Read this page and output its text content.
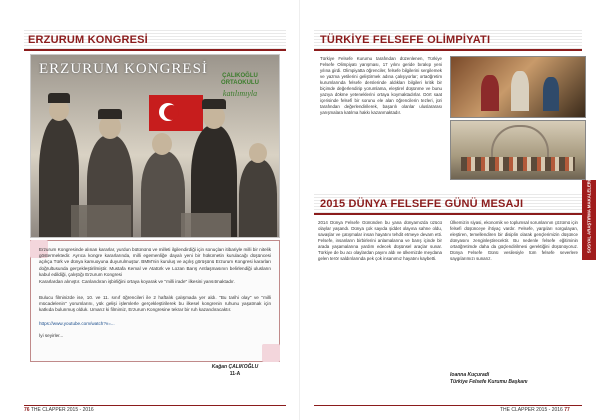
ERZURUM KONGRESİ
ERZURUM KONGRESİ	ÇALIKOĞLU ORTAOKULU
katılımıyla
Erzurum Kongresinde alınan kararlar, yurdun bütününü ve milleti ilgilendirdiği için sonuçları itibariyle milli bir nitelik göstermektedir. Ayrıca kongre kararlarında, milli egemenliğe dayalı yeni bir hükümetin kurulacağı düşüncesi açıkça Türk ve dünya kamuoyuna duyurulmuştur. BMM'nin kuruluş ve açılış görüşünü Erzurum Kongresi kararları doğrultusunda gerçekleştirilmiştir. Mustafa Kemal ve Atatürk ve Lozan Barış Antlaşmasının belirlendiği ulusların kabul edildiği, çalıştığı Erzurum Kongresi
Kararlardan alınıştır. Canlandıran işbirliğini ortaya koyarak ve ''milli irade'' ilkesini yansıtmaktadır.
Bulucu filminizde ise, 10. ve 11. sınıf öğrencileri ile 2 haftalık çalışmada yer aldı. ''Bu tarihi olay'' ve ''milli mücadelenin'' yorumlarını, yük gelişi işlemlerle gerçekleştirilerek bu ilkesel kongrenin ruhunu yaşatmak için katkıda bulunmuş olduk. Umarız ki filmimiz, Erzurum Kongresine tekrar bir ruh kazandıracaktır.
https://www.youtube.com/watch?v=...
İyi seyirler...
Kağan ÇALIKOĞLU
11-A
76 THE CLAPPER 2015 - 2016
TÜRKİYE FELSEFE OLİMPİYATI
Türkiye Felsefe Kurumu tarafından düzenlenen, Türkiye Felsefe Olimpiyatı yarışması, 17 yılını geride bırakıp yeni yılına girdi. Olimpiyatta öğrenciler, felsefe bilgilerini sergilemek ve yazma yetilerini geliştirmek adına çalışıyorlar; ortaöğretim kurumlarında felsefe derslerinde aldıkları bilgileri kritik bir biçimde değerlendirip yorumlama, eleştirel düşünme ve bunu yazıya dökme yeteneklerini ortaya koymaktadırlar. Dört saat içerisinde felsefi bir sorunu ele alan öğrencilerin tezleri, jüri tarafından değerlendirilerek, başarılı olanlar uluslararası yarışmalara katılma hakkı kazanmaktadır.
2015 DÜNYA FELSEFE GÜNÜ MESAJI
2014 Dünya Felsefe Gününden bu yana dünyamızda üzücü olaylar yaşandı. Dünya çok sayıda şiddet olayına sahne oldu, savaşlar ve çatışmalar insan hayatını tehdit etmeye devam etti. Felsefe, insanların birbirlerini anlamalarına ve barış içinde bir arada yaşamalarına yardım edecek düşünsel araçlar sunar. Türkiye de bu acı olaylardan payını aldı ve ülkemizde meydana gelen terör saldırılarında pek çok insanımız hayatını kaybetti.
Ülkemizin siyasi, ekonomik ve toplumsal sorunlarının çözümü için felsefi düşünceye ihtiyaç vardır. Felsefe, yargıları sorgulayan, eleştiren, temellendiren bir disiplin olarak gençlerimizin düşünce dünyasını zenginleştirecektir. Bu nedenle felsefe eğitiminin ortaöğretimde daha da güçlendirilmesi gerektiğini düşünüyoruz. Dünya Felsefe Günü vesilesiyle tüm felsefe severlere saygılarımızı sunarız.
Ioanna Kuçuradi
Türkiye Felsefe Kurumu Başkanı
THE CLAPPER 2015 - 2016 77
SOSYAL ARAŞTIRMA MAKALELERİ
